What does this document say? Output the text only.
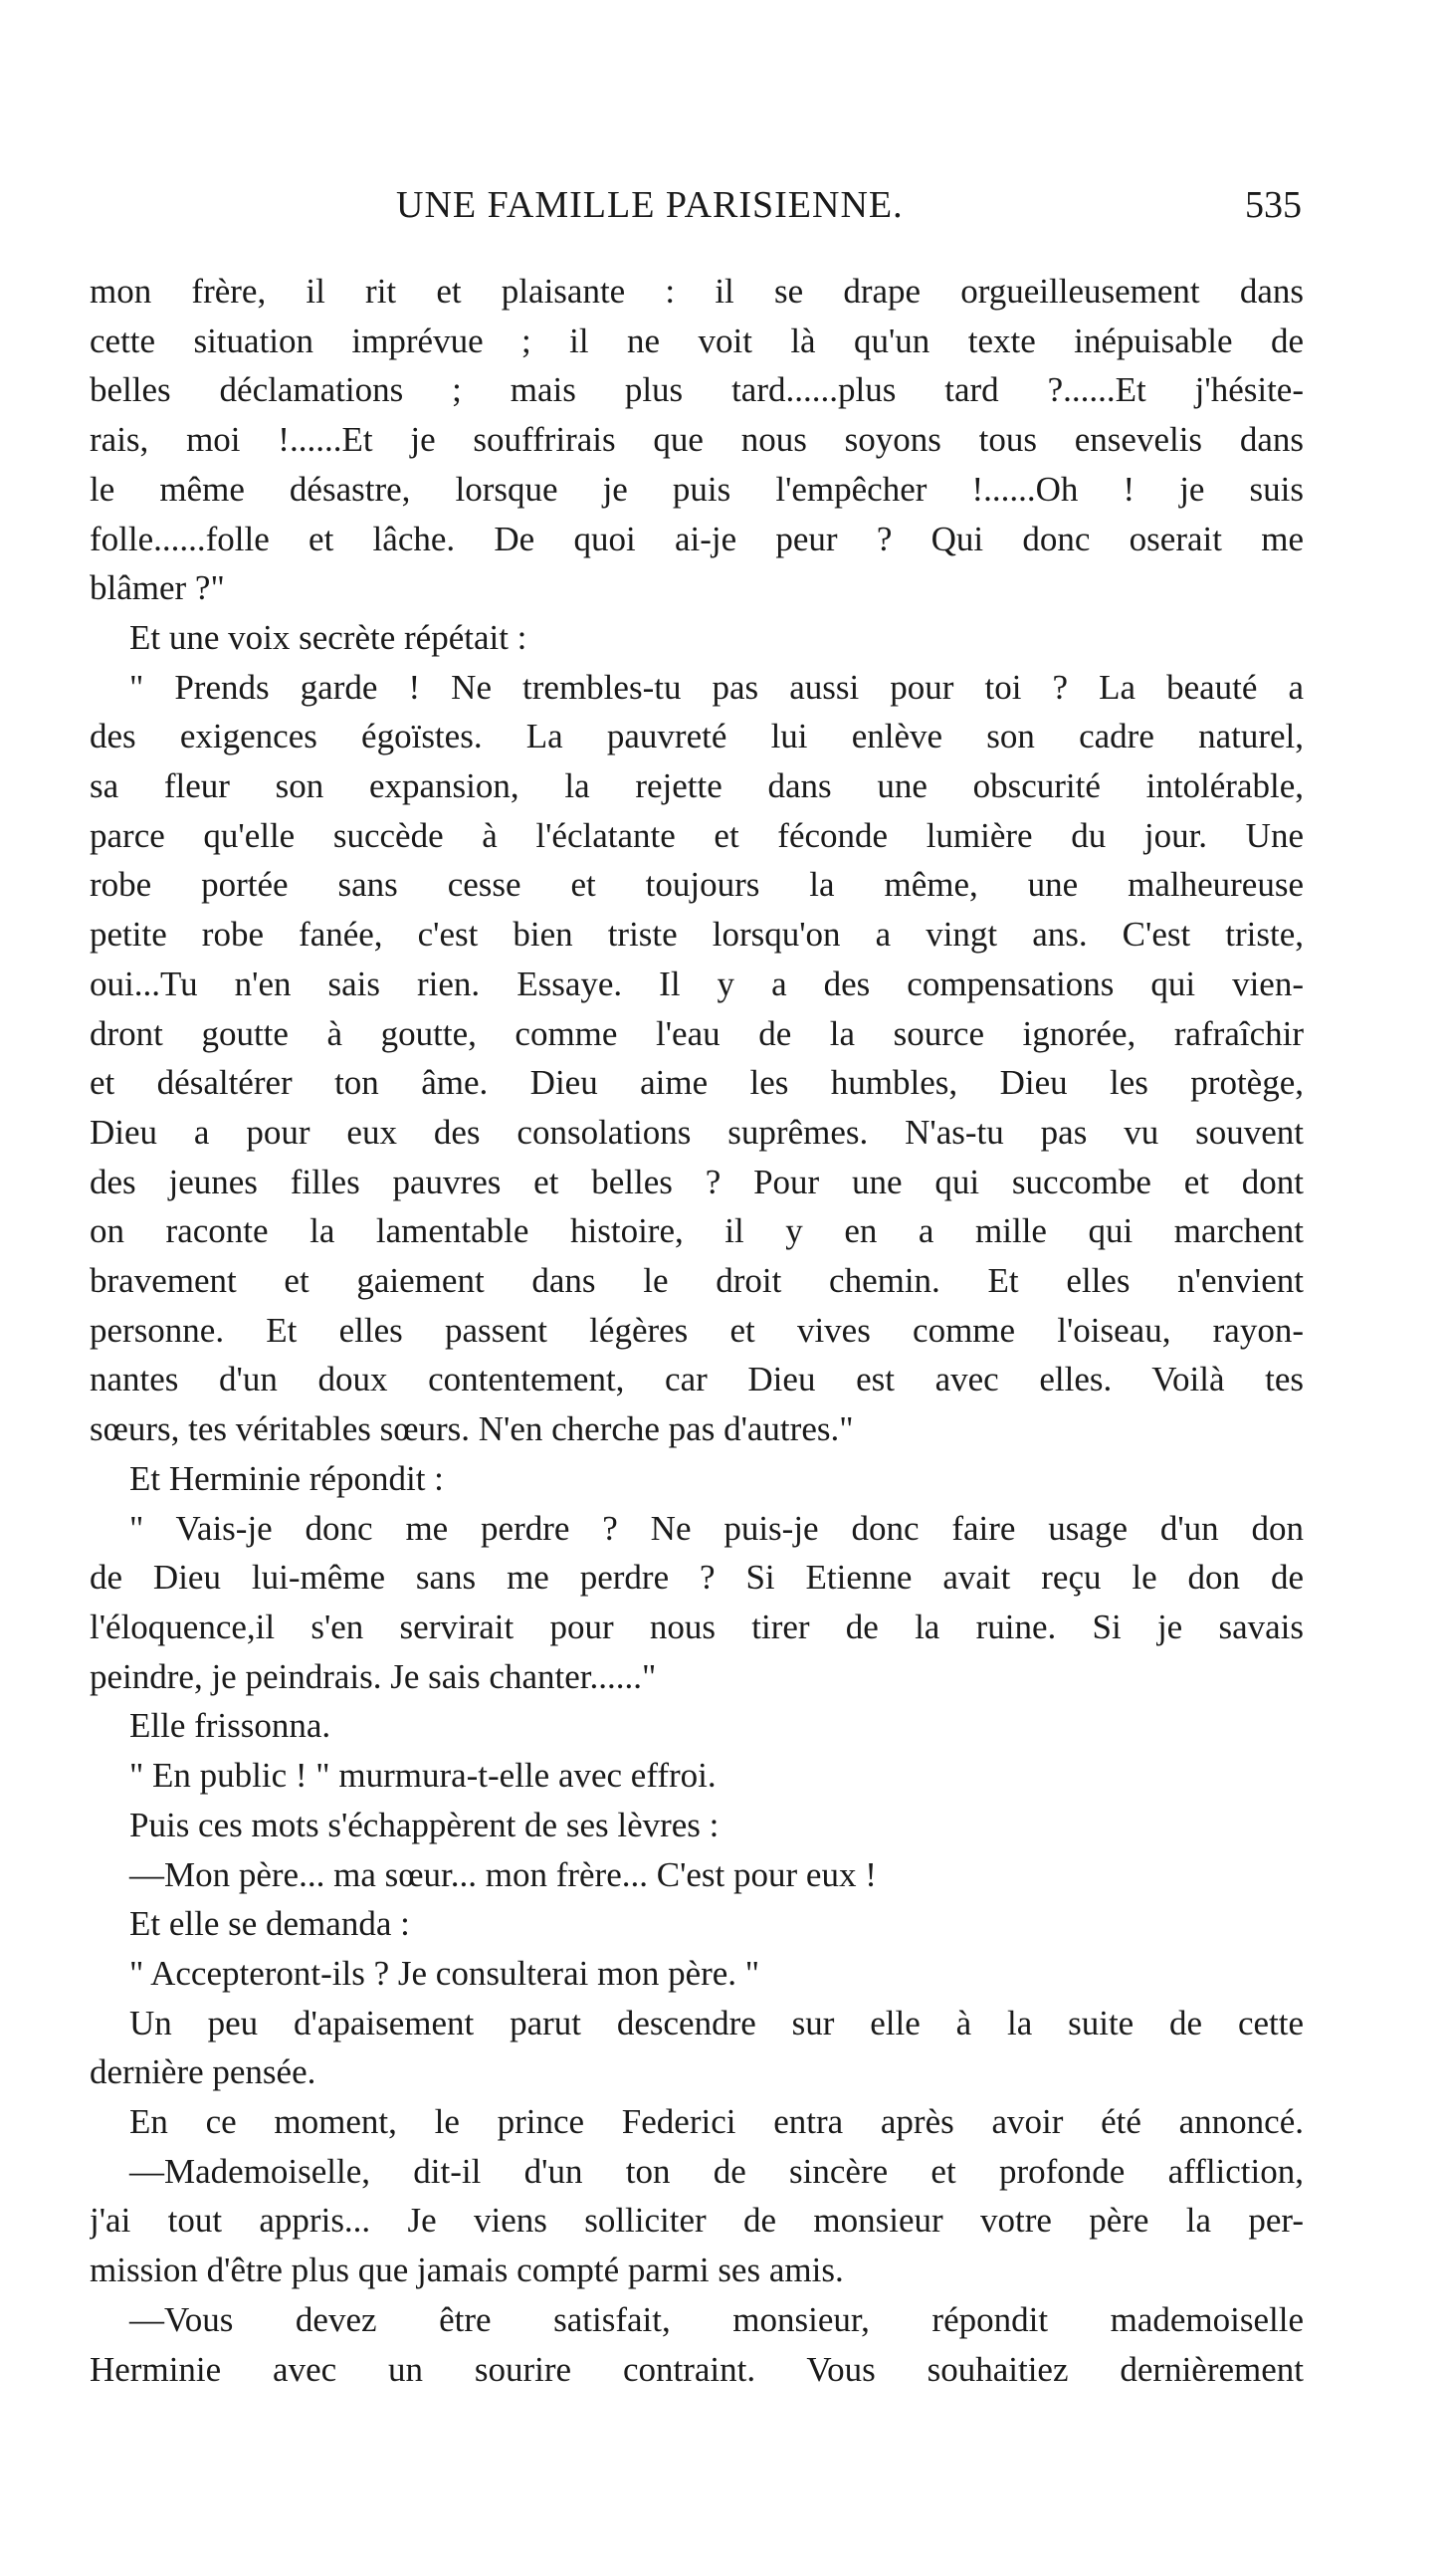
UNE FAMILLE PARISIENNE.	535
mon frère, il rit et plaisante : il se drape orgueilleusement dans
cette situation imprévue ; il ne voit là qu'un texte inépuisable de
belles déclamations ; mais plus tard......plus tard ?......Et j'hésite-
rais, moi !......Et je souffrirais que nous soyons tous ensevelis dans
le même désastre, lorsque je puis l'empêcher !......Oh ! je suis
folle......folle et lâche. De quoi ai-je peur ? Qui donc oserait me
blâmer ?"
Et une voix secrète répétait :
" Prends garde ! Ne trembles-tu pas aussi pour toi ? La beauté a
des exigences égoïstes. La pauvreté lui enlève son cadre naturel,
sa fleur son expansion, la rejette dans une obscurité intolérable,
parce qu'elle succède à l'éclatante et féconde lumière du jour. Une
robe portée sans cesse et toujours la même, une malheureuse
petite robe fanée, c'est bien triste lorsqu'on a vingt ans. C'est triste,
oui...Tu n'en sais rien. Essaye. Il y a des compensations qui vien-
dront goutte à goutte, comme l'eau de la source ignorée, rafraîchir
et désaltérer ton âme. Dieu aime les humbles, Dieu les protège,
Dieu a pour eux des consolations suprêmes. N'as-tu pas vu souvent
des jeunes filles pauvres et belles ? Pour une qui succombe et dont
on raconte la lamentable histoire, il y en a mille qui marchent
bravement et gaiement dans le droit chemin. Et elles n'envient
personne. Et elles passent légères et vives comme l'oiseau, rayon-
nantes d'un doux contentement, car Dieu est avec elles. Voilà tes
sœurs, tes véritables sœurs. N'en cherche pas d'autres."
Et Herminie répondit :
" Vais-je donc me perdre ? Ne puis-je donc faire usage d'un don
de Dieu lui-même sans me perdre ? Si Etienne avait reçu le don de
l'éloquence,il s'en servirait pour nous tirer de la ruine. Si je savais
peindre, je peindrais. Je sais chanter......"
Elle frissonna.
" En public ! " murmura-t-elle avec effroi.
Puis ces mots s'échappèrent de ses lèvres :
—Mon père... ma sœur... mon frère... C'est pour eux !
Et elle se demanda :
" Accepteront-ils ? Je consulterai mon père. "
Un peu d'apaisement parut descendre sur elle à la suite de cette
dernière pensée.
En ce moment, le prince Federici entra après avoir été annoncé.
—Mademoiselle, dit-il d'un ton de sincère et profonde affliction,
j'ai tout appris... Je viens solliciter de monsieur votre père la per-
mission d'être plus que jamais compté parmi ses amis.
—Vous devez être satisfait, monsieur, répondit mademoiselle
Herminie avec un sourire contraint. Vous souhaitiez dernièrement
